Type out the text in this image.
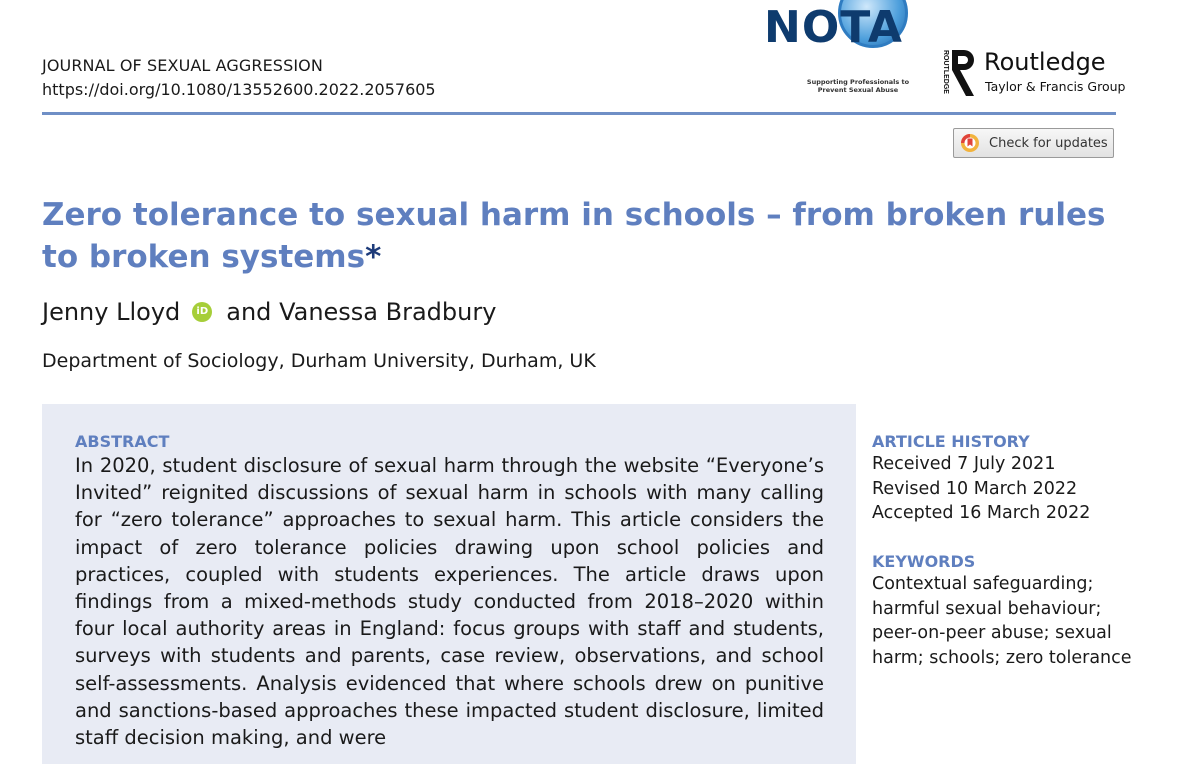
JOURNAL OF SEXUAL AGGRESSION
https://doi.org/10.1080/13552600.2022.2057605
NOTA
Supporting Professionals to Prevent Sexual Abuse	ROUTLEDGE Routledge
Taylor & Francis Group
Check for updates
Zero tolerance to sexual harm in schools – from broken rules to broken systems*
Jenny Lloyd	iD and
Vanessa Bradbury
Department of Sociology, Durham University, Durham, UK
ABSTRACT
In 2020, student disclosure of sexual harm through the website “Everyone’s Invited” reignited discussions of sexual harm in schools with many calling for “zero tolerance” approaches to sexual harm. This article considers the impact of zero tolerance policies drawing upon school policies and practices, coupled with students experiences. The article draws upon findings from a mixed-methods study conducted from 2018–2020 within four local authority areas in England: focus groups with staff and students, surveys with students and parents, case review, observations, and school self-assessments. Analysis evidenced that where schools drew on punitive and sanctions-based approaches these impacted student disclosure, limited staff decision making, and were
ARTICLE HISTORY
Received 7 July 2021
Revised 10 March 2022
Accepted 16 March 2022
KEYWORDS
Contextual safeguarding; harmful sexual behaviour; peer-on-peer abuse; sexual harm; schools; zero tolerance
